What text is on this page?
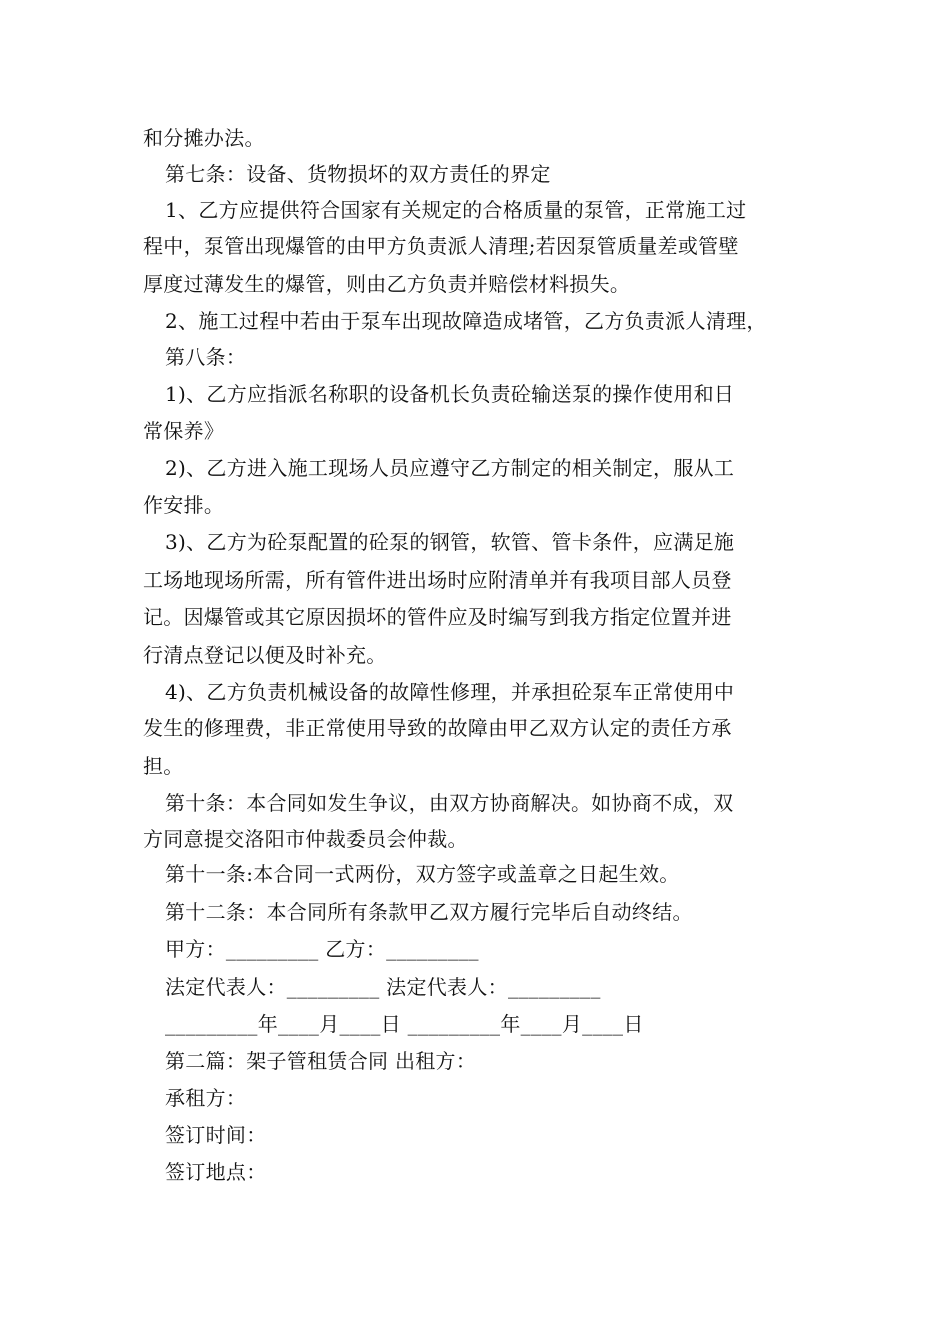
和分摊办法。
第七条：设备、货物损坏的双方责任的界定
1、乙方应提供符合国家有关规定的合格质量的泵管，正常施工过
程中，泵管出现爆管的由甲方负责派人清理;若因泵管质量差或管壁
厚度过薄发生的爆管，则由乙方负责并赔偿材料损失。
2、施工过程中若由于泵车出现故障造成堵管，乙方负责派人清理，
第八条：
1)、乙方应指派名称职的设备机长负责砼输送泵的操作使用和日
常保养》
2)、乙方进入施工现场人员应遵守乙方制定的相关制定，服从工
作安排。
3)、乙方为砼泵配置的砼泵的钢管，软管、管卡条件，应满足施
工场地现场所需，所有管件进出场时应附清单并有我项目部人员登
记。因爆管或其它原因损坏的管件应及时编写到我方指定位置并进
行清点登记以便及时补充。
4)、乙方负责机械设备的故障性修理，并承担砼泵车正常使用中
发生的修理费，非正常使用导致的故障由甲乙双方认定的责任方承
担。
第十条：本合同如发生争议，由双方协商解决。如协商不成，双
方同意提交洛阳市仲裁委员会仲裁。
第十一条:本合同一式两份，双方签字或盖章之日起生效。
第十二条：本合同所有条款甲乙双方履行完毕后自动终结。
甲方：_________ 乙方：_________
法定代表人：_________ 法定代表人：_________
_________年____月____日 _________年____月____日
第二篇：架子管租赁合同 出租方：
承租方：
签订时间：
签订地点：
